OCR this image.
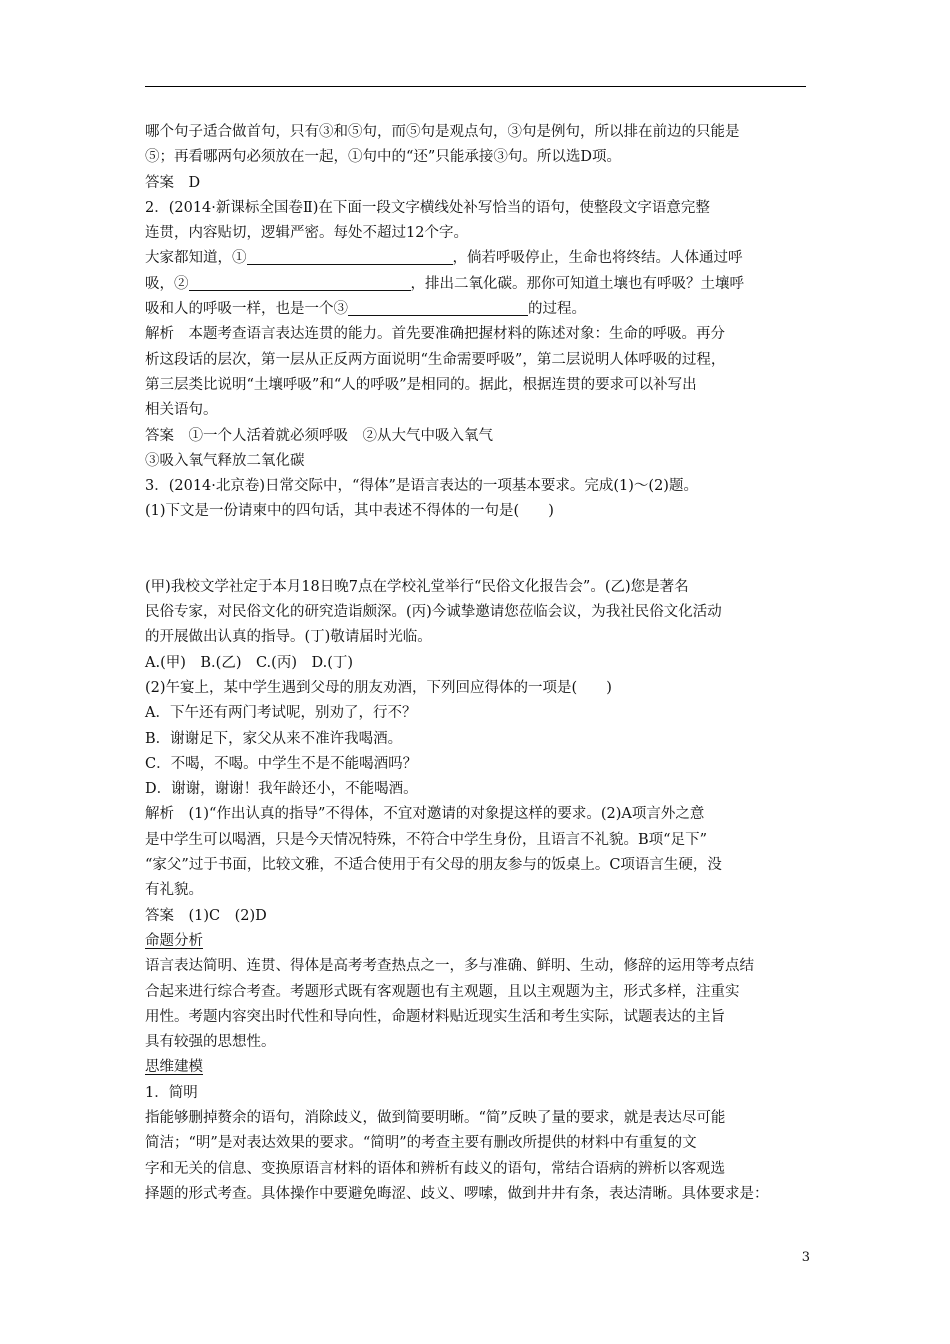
哪个句子适合做首句，只有③和⑤句，而⑤句是观点句，③句是例句，所以排在前边的只能是
⑤；再看哪两句必须放在一起，①句中的“还”只能承接③句。所以选D项。
答案　D
2．(2014·新课标全国卷Ⅱ)在下面一段文字横线处补写恰当的语句，使整段文字语意完整
连贯，内容贴切，逻辑严密。每处不超过12个字。
大家都知道，①	，倘若呼吸停止，生命也将终结。人体通过呼
吸，②	，排出二氧化碳。那你可知道土壤也有呼吸？土壤呼
吸和人的呼吸一样，也是一个③	的过程。
解析　本题考查语言表达连贯的能力。首先要准确把握材料的陈述对象：生命的呼吸。再分
析这段话的层次，第一层从正反两方面说明“生命需要呼吸”，第二层说明人体呼吸的过程，
第三层类比说明“土壤呼吸”和“人的呼吸”是相同的。据此，根据连贯的要求可以补写出
相关语句。
答案　①一个人活着就必须呼吸　②从大气中吸入氧气
③吸入氧气释放二氧化碳
3．(2014·北京卷)日常交际中，“得体”是语言表达的一项基本要求。完成(1)～(2)题。
(1)下文是一份请柬中的四句话，其中表述不得体的一句是(　　)
(甲)我校文学社定于本月18日晚7点在学校礼堂举行“民俗文化报告会”。(乙)您是著名
民俗专家，对民俗文化的研究造诣颇深。(丙)今诚挚邀请您莅临会议，为我社民俗文化活动
的开展做出认真的指导。(丁)敬请届时光临。
A.(甲)　B.(乙)　C.(丙)　D.(丁)
(2)午宴上，某中学生遇到父母的朋友劝酒，下列回应得体的一项是(　　)
A．下午还有两门考试呢，别劝了，行不？
B．谢谢足下，家父从来不准许我喝酒。
C．不喝，不喝。中学生不是不能喝酒吗？
D．谢谢，谢谢！我年龄还小，不能喝酒。
解析　(1)“作出认真的指导”不得体，不宜对邀请的对象提这样的要求。(2)A项言外之意
是中学生可以喝酒，只是今天情况特殊，不符合中学生身份，且语言不礼貌。B项“足下”
“家父”过于书面，比较文雅，不适合使用于有父母的朋友参与的饭桌上。C项语言生硬，没
有礼貌。
答案　(1)C　(2)D
命题分析
语言表达简明、连贯、得体是高考考查热点之一，多与准确、鲜明、生动，修辞的运用等考点结
合起来进行综合考查。考题形式既有客观题也有主观题，且以主观题为主，形式多样，注重实
用性。考题内容突出时代性和导向性，命题材料贴近现实生活和考生实际，试题表达的主旨
具有较强的思想性。
思维建模
1．简明
指能够删掉赘余的语句，消除歧义，做到简要明晰。“简”反映了量的要求，就是表达尽可能
简洁；“明”是对表达效果的要求。“简明”的考查主要有删改所提供的材料中有重复的文
字和无关的信息、变换原语言材料的语体和辨析有歧义的语句，常结合语病的辨析以客观选
择题的形式考查。具体操作中要避免晦涩、歧义、啰嗦，做到井井有条，表达清晰。具体要求是：
3
